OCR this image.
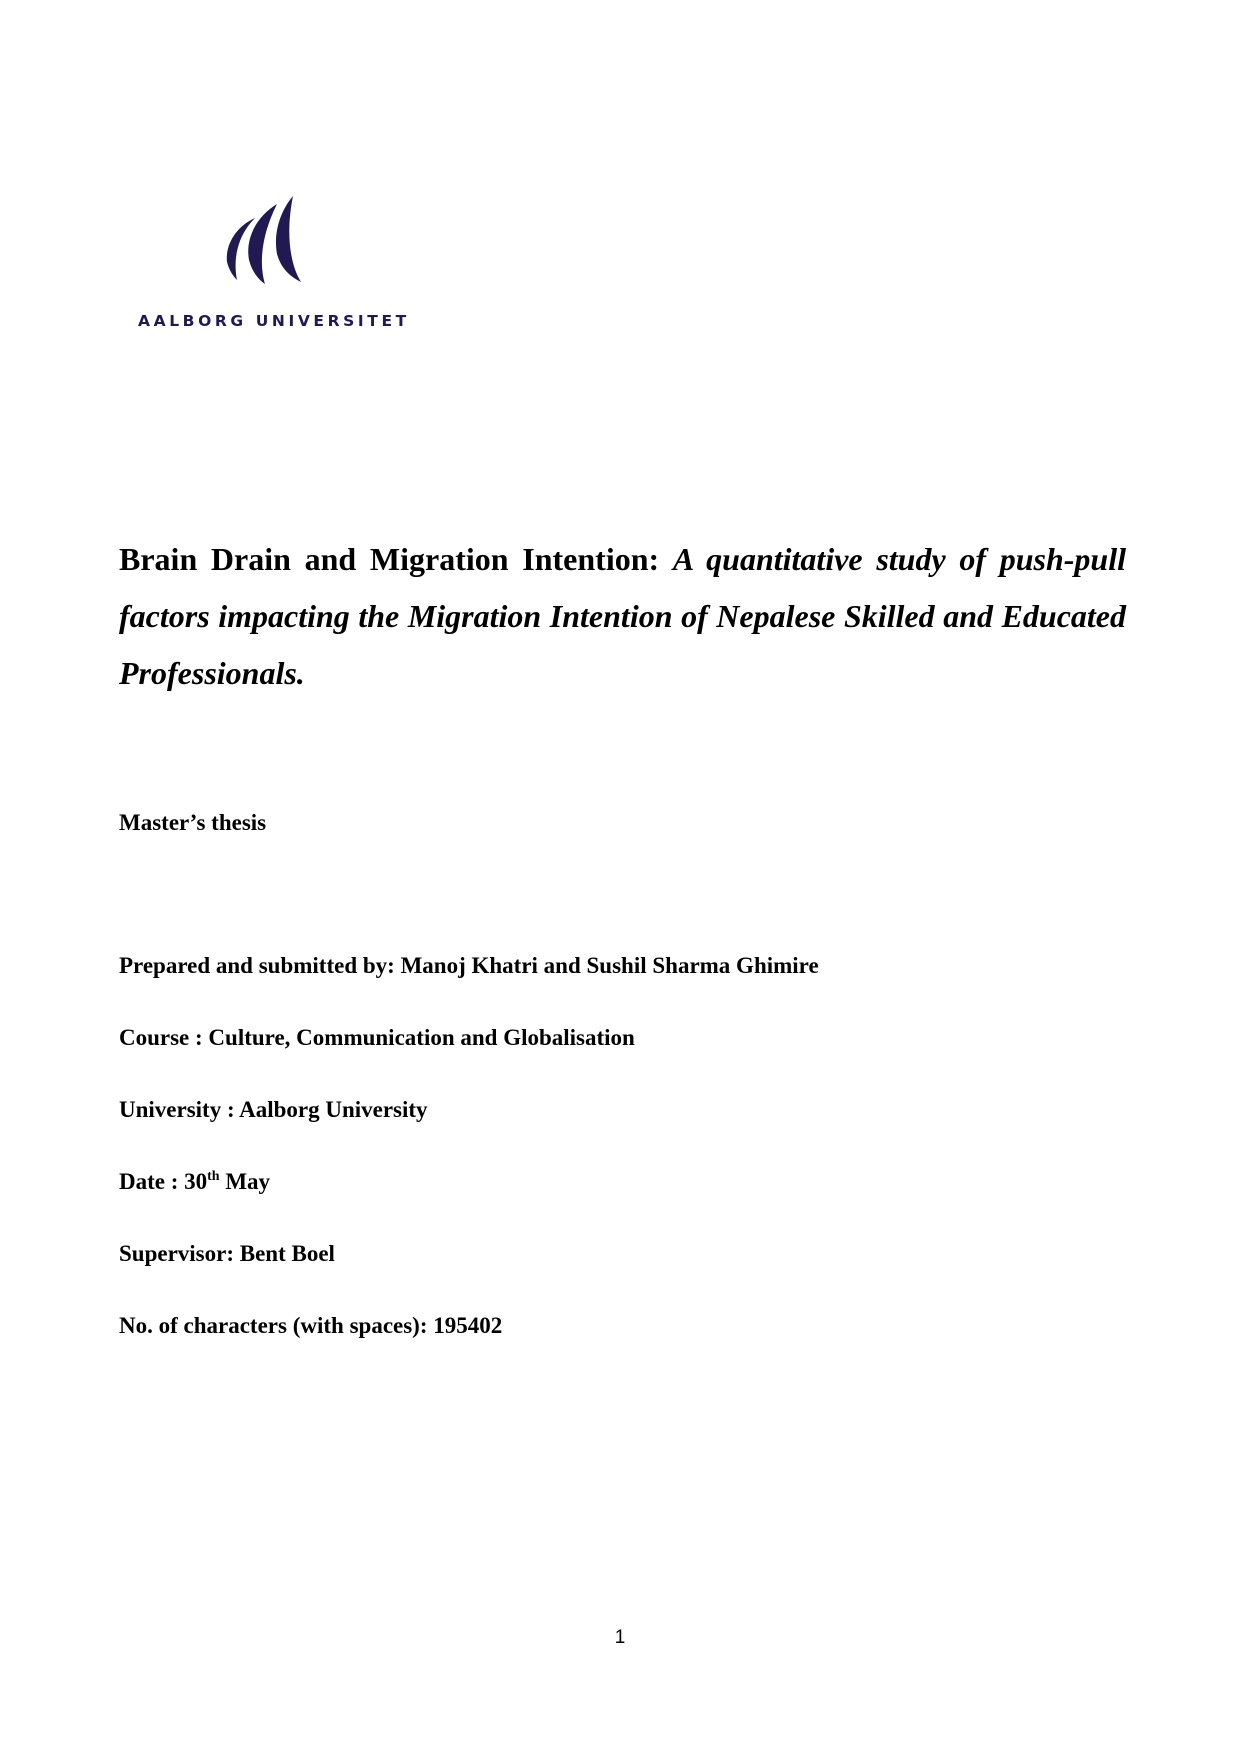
AALBORG UNIVERSITET
Brain Drain and Migration Intention: A quantitative study of push-pull factors impacting the Migration Intention of Nepalese Skilled and Educated Professionals.
Master’s thesis
Prepared and submitted by: Manoj Khatri and Sushil Sharma Ghimire
Course : Culture, Communication and Globalisation
University : Aalborg University
Date : 30th May
Supervisor: Bent Boel
No. of characters (with spaces): 195402
1
